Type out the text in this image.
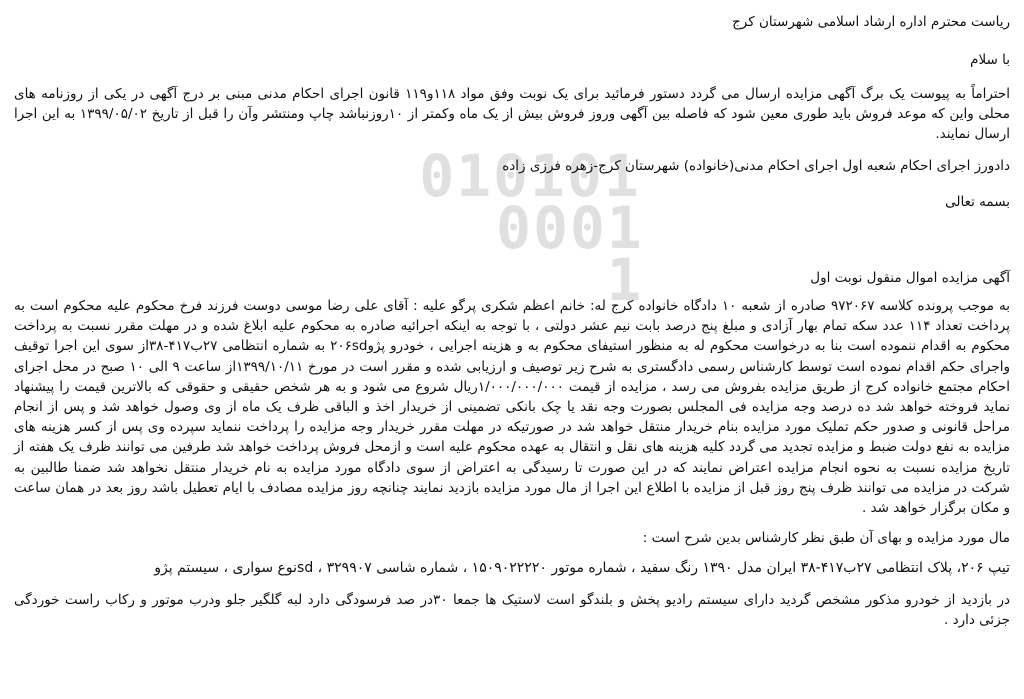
010101
0001
1

ریاست محترم اداره ارشاد اسلامی شهرستان کرج

با سلام

احتراماً به پیوست یک برگ آگهی مزایده ارسال می گردد دستور فرمائید برای یک نوبت وفق مواد ۱۱۸و۱۱۹ قانون اجرای احکام مدنی مبنی بر درج آگهی در یکی از روزنامه های محلی واین که موعد فروش باید طوری معین شود که فاصله بین آگهی وروز فروش بیش از یک ماه وکمتر از ۱۰روزنباشد چاپ ومنتشر وآن را قبل از تاریخ ۱۳۹۹/۰۵/۰۲ به این اجرا ارسال نمایند.

دادورز اجرای احکام شعبه اول اجرای احکام مدنی(خانواده) شهرستان کرج-زهره فرزی زاده

بسمه تعالی

آگهی مزایده اموال منقول نوبت اول

به موجب پرونده کلاسه ۹۷۲۰۶۷ صادره از شعبه ۱۰ دادگاه خانواده کرج له: خانم اعظم شکری پرگو علیه : آقای علی رضا موسی دوست فرزند فرخ محکوم علیه محکوم است به پرداخت تعداد ۱۱۴ عدد سکه تمام بهار آزادی و مبلغ پنج درصد بابت نیم عشر دولتی ، با توجه به اینکه اجرائیه صادره به محکوم علیه ابلاغ شده و در مهلت مقرر نسبت به پرداخت محکوم به اقدام ننموده است بنا به درخواست محکوم له به منظور استیفای محکوم به و هزینه اجرایی ، خودرو پژو۲۰۶sd به شماره انتظامی ۲۷ب۴۱۷-۳۸از سوی این اجرا توقیف واجرای حکم اقدام نموده است توسط کارشناس رسمی دادگستری به شرح زیر توصیف و ارزیابی شده و مقرر است در مورخ ۱۳۹۹/۱۰/۱۱از ساعت ۹ الی ۱۰ صبح در محل اجرای احکام مجتمع خانواده کرج از طریق مزایده بفروش می رسد ، مزایده از قیمت ۱/۰۰۰/۰۰۰/۰۰۰ریال شروع می شود و به هر شخص حقیقی و حقوقی که بالاترین قیمت را پیشنهاد نماید فروخته خواهد شد ده درصد وجه مزایده فی المجلس بصورت وجه نقد یا چک بانکی تضمینی از خریدار اخذ و الباقی ظرف یک ماه از وی وصول خواهد شد و پس از انجام مراحل قانونی و صدور حکم تملیک مورد مزایده بنام خریدار منتقل خواهد شد در صورتیکه در مهلت مقرر خریدار وجه مزایده را پرداخت ننماید سپرده وی پس از کسر هزینه های مزایده به نفع دولت ضبط و مزایده تجدید می گردد کلیه هزینه های نقل و انتقال به عهده محکوم علیه است و ازمحل فروش پرداخت خواهد شد طرفین می توانند ظرف یک هفته از تاریخ مزایده نسبت به نحوه انجام مزایده اعتراض نمایند که در این صورت تا رسیدگی به اعتراض از سوی دادگاه مورد مزایده به نام خریدار منتقل نخواهد شد ضمنا طالبین به شرکت در مزایده می توانند ظرف پنج روز قبل از مزایده با اطلاع این اجرا از مال مورد مزایده بازدید نمایند چنانچه روز مزایده مصادف با ایام تعطیل باشد روز بعد در همان ساعت و مکان برگزار خواهد شد .

مال مورد مزایده و بهای آن طبق نظر کارشناس بدین شرح است :

تیپ ۲۰۶، پلاک انتظامی ۲۷ب۴۱۷-۳۸ ایران مدل ۱۳۹۰ رنگ سفید ، شماره موتور ۱۵۰۹۰۲۲۲۲۰ ، شماره شاسی ۳۲۹۹۰۷ ، sdنوع سواری ، سیستم پژو

در بازدید از خودرو مذکور مشخص گردید دارای سیستم رادیو پخش و بلندگو است لاستیک ها جمعا ۳۰در صد فرسودگی دارد لبه گلگیر جلو ودرب موتور و رکاب راست خوردگی جزئی دارد .
